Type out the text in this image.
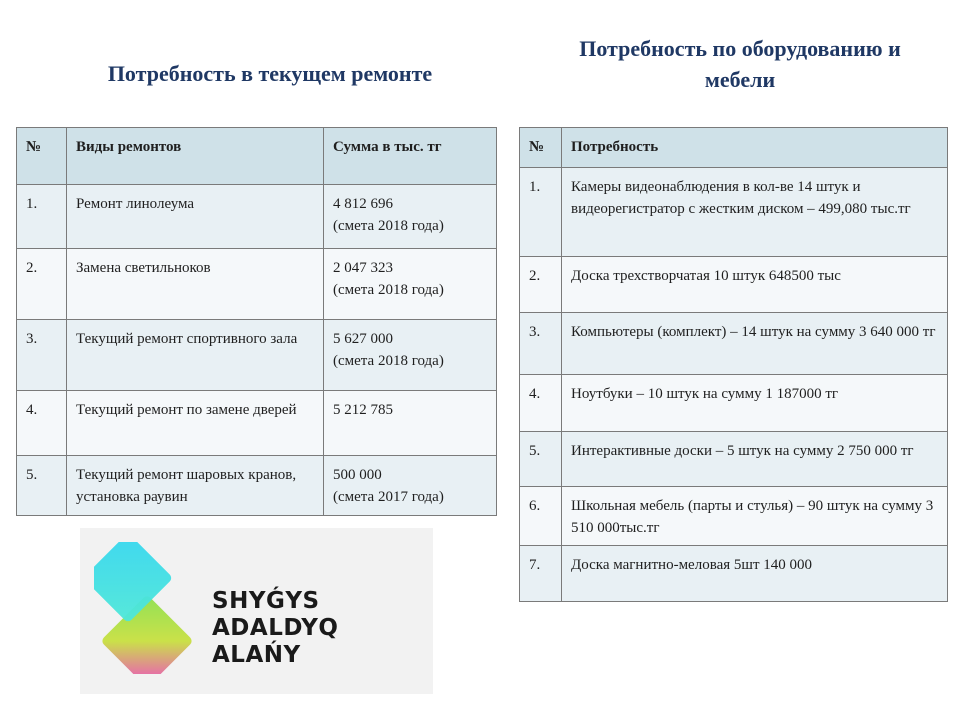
Потребность в текущем ремонте
Потребность по оборудованию и мебели
№	Виды ремонтов	Сумма в тыс. тг
1.	Ремонт линолеума	4 812 696
(смета 2018 года)

2.	Замена светильноков	2 047 323
(смета 2018 года)

3.	Текущий ремонт спортивного зала	5 627 000
(смета 2018 года)

4.	Текущий ремонт по замене дверей	5 212 785

5.	Текущий ремонт шаровых кранов, установка раувин	500 000
(смета 2017 года)
№	Потребность
1.	Камеры видеонаблюдения в кол-ве 14 штук и видеорегистратор с жестким диском – 499,080 тыс.тг
2.	Доска трехстворчатая 10 штук 648500 тыс
3.	Компьютеры (комплект) – 14 штук на сумму 3 640 000 тг
4.	Ноутбуки – 10 штук на сумму 1 187000 тг
5.	Интерактивные доски – 5 штук на сумму 2 750 000 тг
6.	Школьная мебель (парты и стулья) – 90 штук на сумму 3 510 000тыс.тг
7.	Доска магнитно-меловая 5шт 140 000
SHYǴYS
ADALDYQ ALAŃY
